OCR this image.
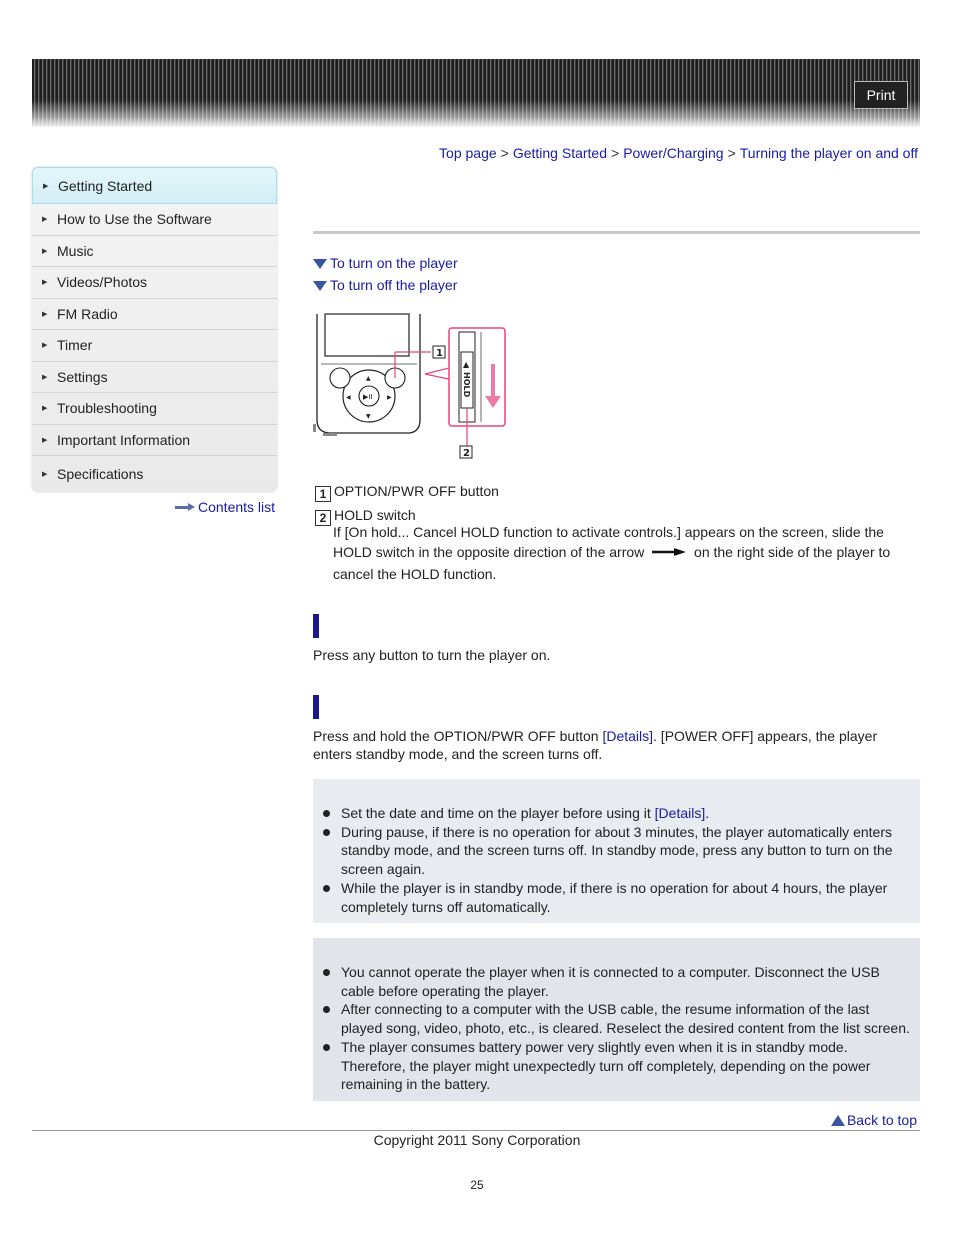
Print
Top page > Getting Started > Power/Charging > Turning the player on and off
▶ Getting Started
▶ How to Use the Software
▶ Music
▶ Videos/Photos
▶ FM Radio
▶ Timer
▶ Settings
▶ Troubleshooting
▶ Important Information
▶ Specifications
Contents list
To turn on the player
To turn off the player
▶II
▲
▼
◀	▶
1
▲
HOLD
2
1 OPTION/PWR OFF button
2 HOLD switch
If [On hold... Cancel HOLD function to activate controls.] appears on the screen, slide the
HOLD switch in the opposite direction of the arrow	on the right side of the player to
cancel the HOLD function.
Press any button to turn the player on.
Press and hold the OPTION/PWR OFF button [Details]. [POWER OFF] appears, the player
enters standby mode, and the screen turns off.
Set the date and time on the player before using it [Details].
During pause, if there is no operation for about 3 minutes, the player automatically enters standby mode, and the screen turns off. In standby mode, press any button to turn on the screen again.
While the player is in standby mode, if there is no operation for about 4 hours, the player completely turns off automatically.
You cannot operate the player when it is connected to a computer. Disconnect the USB cable before operating the player.
After connecting to a computer with the USB cable, the resume information of the last played song, video, photo, etc., is cleared. Reselect the desired content from the list screen.
The player consumes battery power very slightly even when it is in standby mode. Therefore, the player might unexpectedly turn off completely, depending on the power remaining in the battery.
Back to top
Copyright 2011 Sony Corporation
25
